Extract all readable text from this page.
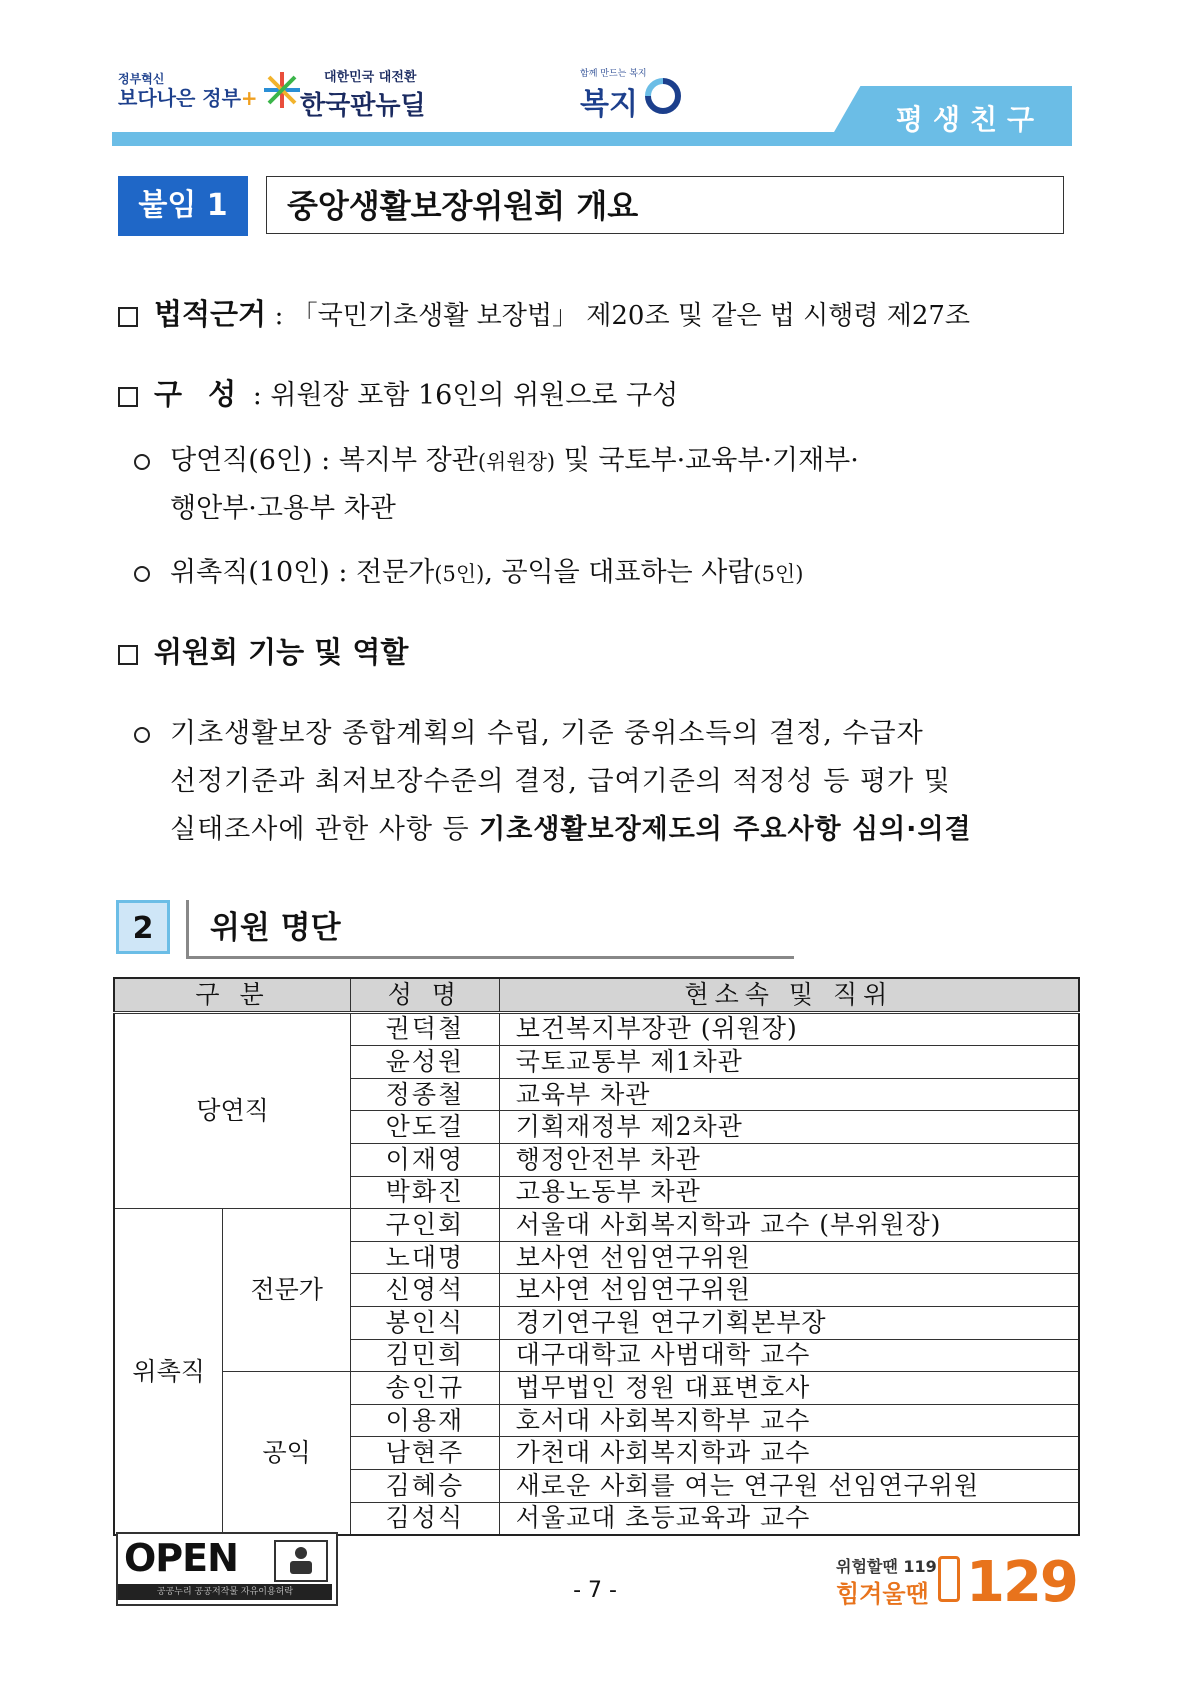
정부혁신
보다나은 정부+
대한민국 대전환
한국판뉴딜
함께 만드는 복지
복지	평생친구
붙임 1	중앙생활보장위원회 개요
법적근거 : 「국민기초생활 보장법」 제20조 및 같은 법 시행령 제27조
구 성 : 위원장 포함 16인의 위원으로 구성
당연직(6인) : 복지부 장관(위원장) 및 국토부·교육부·기재부·
행안부·고용부 차관
위촉직(10인) : 전문가(5인), 공익을 대표하는 사람(5인)
위원회 기능 및 역할
기초생활보장 종합계획의 수립, 기준 중위소득의 결정, 수급자
선정기준과 최저보장수준의 결정, 급여기준의 적정성 등 평가 및
실태조사에 관한 사항 등 기초생활보장제도의 주요사항 심의·의결
2	위원 명단
구 분		성 명	현소속 및 직위
당연직		권덕철	보건복지부장관 (위원장)
		윤성원	국토교통부 제1차관
		정종철	교육부 차관
		안도걸	기획재정부 제2차관
		이재영	행정안전부 차관
		박화진	고용노동부 차관
위촉직	전문가	구인회	서울대 사회복지학과 교수 (부위원장)
		노대명	보사연 선임연구위원
		신영석	보사연 선임연구위원
		봉인식	경기연구원 연구기획본부장
		김민희	대구대학교 사범대학 교수
	공익	송인규	법무법인 정원 대표변호사
		이용재	호서대 사회복지학부 교수
		남현주	가천대 사회복지학과 교수
		김혜승	새로운 사회를 여는 연구원 선임연구위원
		김성식	서울교대 초등교육과 교수
OPEN
공공누리 공공저작물 자유이용허락	- 7 -
위험할땐 119
힘겨울땐 129
